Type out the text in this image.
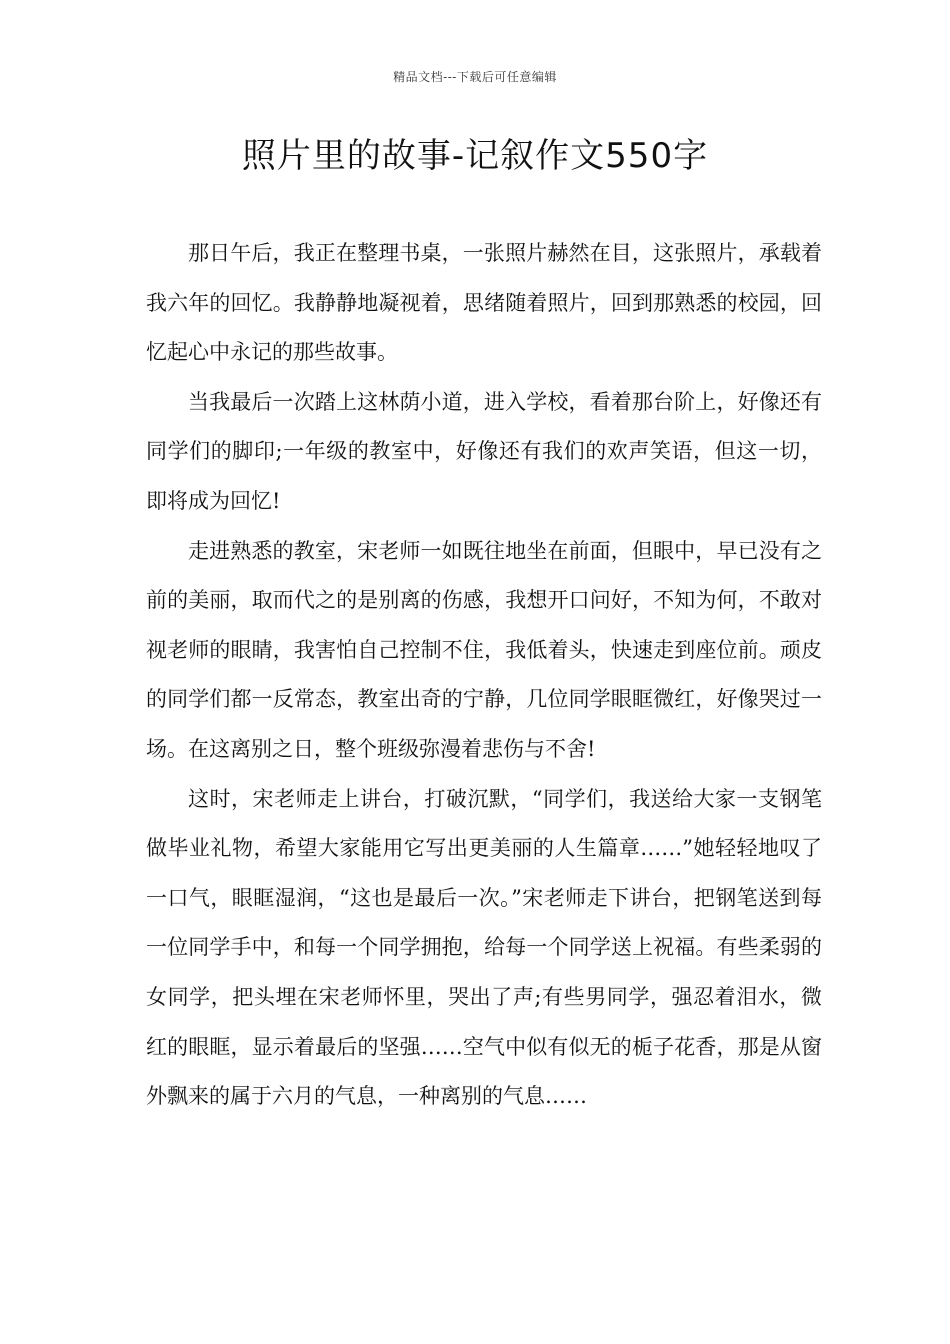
精品文档---下载后可任意编辑
照片里的故事-记叙作文550字

那日午后，我正在整理书桌，一张照片赫然在目，这张照片，承载着我六年的回忆。我静静地凝视着，思绪随着照片，回到那熟悉的校园，回忆起心中永记的那些故事。

当我最后一次踏上这林荫小道，进入学校，看着那台阶上，好像还有同学们的脚印;一年级的教室中，好像还有我们的欢声笑语，但这一切，即将成为回忆!

走进熟悉的教室，宋老师一如既往地坐在前面，但眼中，早已没有之前的美丽，取而代之的是别离的伤感，我想开口问好，不知为何，不敢对视老师的眼睛，我害怕自己控制不住，我低着头，快速走到座位前。顽皮的同学们都一反常态，教室出奇的宁静，几位同学眼眶微红，好像哭过一场。在这离别之日，整个班级弥漫着悲伤与不舍!

这时，宋老师走上讲台，打破沉默，“同学们，我送给大家一支钢笔做毕业礼物，希望大家能用它写出更美丽的人生篇章……”她轻轻地叹了一口气，眼眶湿润，“这也是最后一次。”宋老师走下讲台，把钢笔送到每一位同学手中，和每一个同学拥抱，给每一个同学送上祝福。有些柔弱的女同学，把头埋在宋老师怀里，哭出了声;有些男同学，强忍着泪水，微红的眼眶，显示着最后的坚强……空气中似有似无的栀子花香，那是从窗外飘来的属于六月的气息，一种离别的气息……
